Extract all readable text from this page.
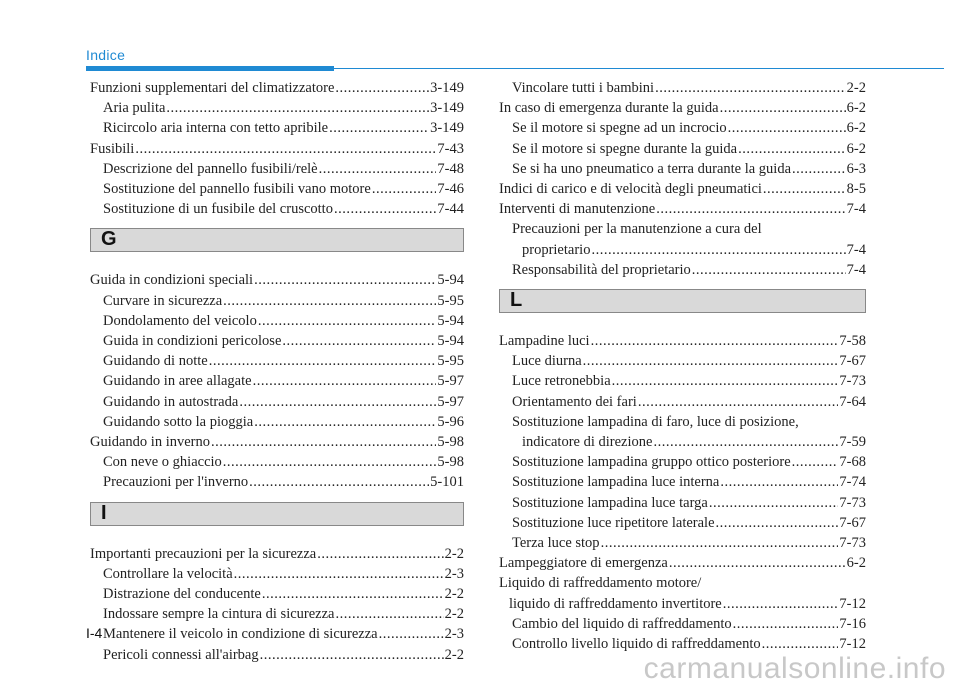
Indice
Funzioni supplementari del climatizzatore .....	3-149
Aria pulita .....	3-149
Ricircolo aria interna con tetto apribile .....	3-149
Fusibili .....	7-43
Descrizione del pannello fusibili/relè .....	7-48
Sostituzione del pannello fusibili vano motore .....	7-46
Sostituzione di un fusibile del cruscotto .....	7-44
G
Guida in condizioni speciali .....	5-94
Curvare in sicurezza .....	5-95
Dondolamento del veicolo .....	5-94
Guida in condizioni pericolose .....	5-94
Guidando di notte .....	5-95
Guidando in aree allagate .....	5-97
Guidando in autostrada .....	5-97
Guidando sotto la pioggia .....	5-96
Guidando in inverno .....	5-98
Con neve o ghiaccio .....	5-98
Precauzioni per l'inverno .....	5-101
I
Importanti precauzioni per la sicurezza .....	2-2
Controllare la velocità .....	2-3
Distrazione del conducente .....	2-2
Indossare sempre la cintura di sicurezza .....	2-2
Mantenere il veicolo in condizione di sicurezza .....	2-3
Pericoli connessi all'airbag .....	2-2
Vincolare tutti i bambini .....	2-2
In caso di emergenza durante la guida .....	6-2
Se il motore si spegne ad un incrocio .....	6-2
Se il motore si spegne durante la guida .....	6-2
Se si ha uno pneumatico a terra durante la guida .....	6-3
Indici di carico e di velocità degli pneumatici .....	8-5
Interventi di manutenzione .....	7-4
Precauzioni per la manutenzione a cura del
proprietario .....	7-4
Responsabilità del proprietario .....	7-4
L
Lampadine luci .....	7-58
Luce diurna .....	7-67
Luce retronebbia .....	7-73
Orientamento dei fari .....	7-64
Sostituzione lampadina di faro, luce di posizione,
indicatore di direzione .....	7-59
Sostituzione lampadina gruppo ottico posteriore .....	7-68
Sostituzione lampadina luce interna .....	7-74
Sostituzione lampadina luce targa .....	7-73
Sostituzione luce ripetitore laterale .....	7-67
Terza luce stop .....	7-73
Lampeggiatore di emergenza .....	6-2
Liquido di raffreddamento motore/
liquido di raffreddamento invertitore .....	7-12
Cambio del liquido di raffreddamento .....	7-16
Controllo livello liquido di raffreddamento .....	7-12
I-4
carmanualsonline.info
